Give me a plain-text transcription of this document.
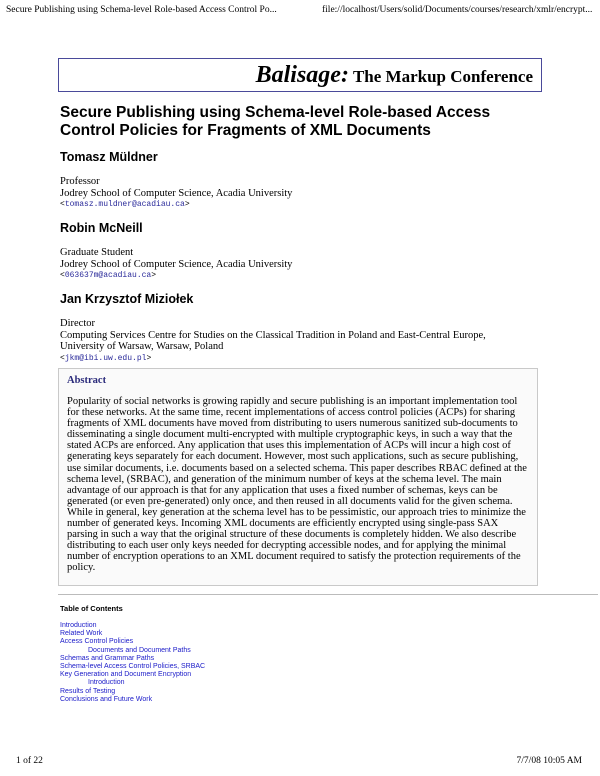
Secure Publishing using Schema-level Role-based Access Control Po...	file://localhost/Users/solid/Documents/courses/research/xmlr/encrypt...
Balisage: The Markup Conference
Secure Publishing using Schema-level Role-based Access Control Policies for Fragments of XML Documents
Tomasz Müldner
Professor
Jodrey School of Computer Science, Acadia University
<tomasz.muldner@acadiau.ca>
Robin McNeill
Graduate Student
Jodrey School of Computer Science, Acadia University
<063637m@acadiau.ca>
Jan Krzysztof Miziołek
Director
Computing Services Centre for Studies on the Classical Tradition in Poland and East-Central Europe,
University of Warsaw, Warsaw, Poland
<jkm@ibi.uw.edu.pl>

Abstract

Popularity of social networks is growing rapidly and secure publishing is an important implementation tool for these networks. At the same time, recent implementations of access control policies (ACPs) for sharing fragments of XML documents have moved from distributing to users numerous sanitized sub-documents to disseminating a single document multi-encrypted with multiple cryptographic keys, in such a way that the stated ACPs are enforced. Any application that uses this implementation of ACPs will incur a high cost of generating keys separately for each document. However, most such applications, such as secure publishing, use similar documents, i.e. documents based on a selected schema. This paper describes RBAC defined at the schema level, (SRBAC), and generation of the minimum number of keys at the schema level. The main advantage of our approach is that for any application that uses a fixed number of schemas, keys can be generated (or even pre-generated) only once, and then reused in all documents valid for the given schema. While in general, key generation at the schema level has to be pessimistic, our approach tries to minimize the number of generated keys. Incoming XML documents are efficiently encrypted using single-pass SAX parsing in such a way that the original structure of these documents is completely hidden. We also describe distributing to each user only keys needed for decrypting accessible nodes, and for applying the minimal number of encryption operations to an XML document required to satisfy the protection requirements of the policy.

Table of Contents
Introduction
Related Work
Access Control Policies
Documents and Document Paths
Schemas and Grammar Paths
Schema-level Access Control Policies, SRBAC
Key Generation and Document Encryption
Introduction
Results of Testing
Conclusions and Future Work
1 of 22	7/7/08 10:05 AM
